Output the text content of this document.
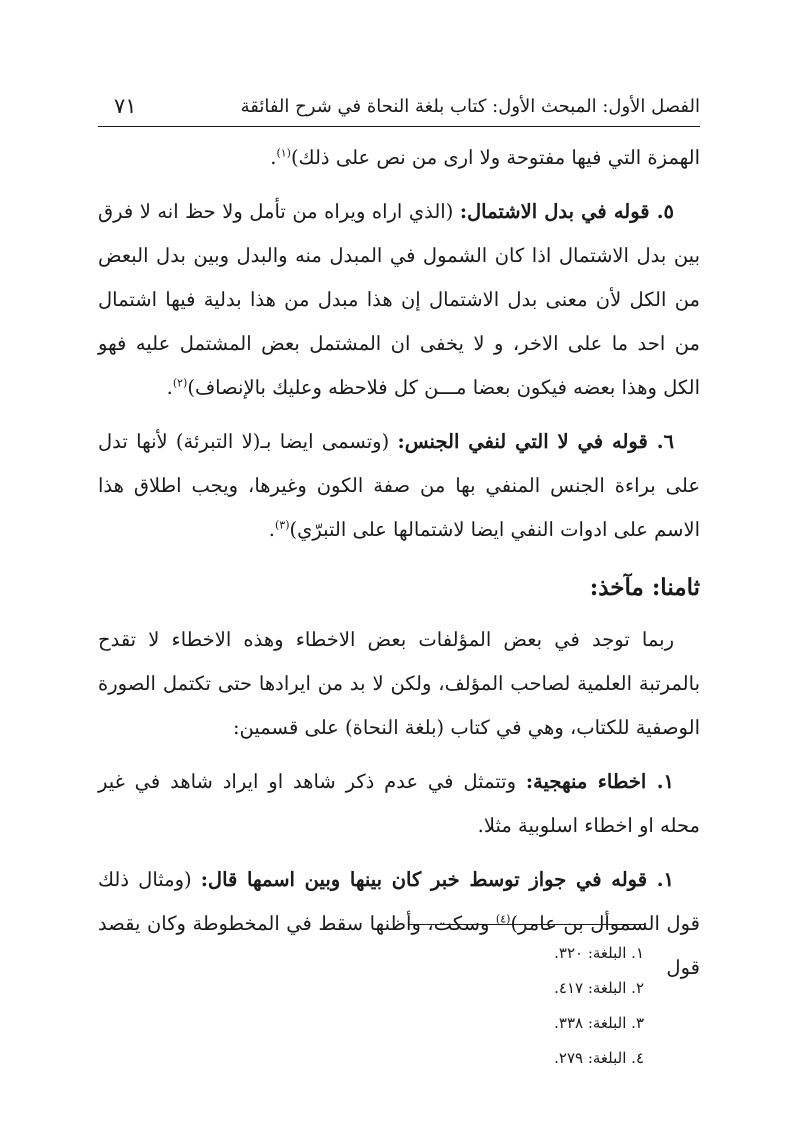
الفصل الأول: المبحث الأول: كتاب بلغة النحاة في شرح الفائقة
٧١

الهمزة التي فيها مفتوحة ولا ارى من نص على ذلك)$^{(١)}$.

٥. قوله في بدل الاشتمال: (الذي اراه ويراه من تأمل ولا حظ انه لا فرق بين بدل الاشتمال اذا كان الشمول في المبدل منه والبدل وبين بدل البعض من الكل لأن معنى بدل الاشتمال إن هذا مبدل من هذا بدلية فيها اشتمال من احد ما على الاخر، و لا يخفى ان المشتمل بعض المشتمل عليه فهو الكل وهذا بعضه فيكون بعضا مـــن كل فلاحظه وعليك بالإنصاف)$^{(٢)}$.

٦. قوله في لا التي لنفي الجنس: (وتسمى ايضا بـ(لا التبرئة) لأنها تدل على براءة الجنس المنفي بها من صفة الكون وغيرها، ويجب اطلاق هذا الاسم على ادوات النفي ايضا لاشتمالها على التبرّي)$^{(٣)}$.

ثامنا: مآخذ:

ربما توجد في بعض المؤلفات بعض الاخطاء وهذه الاخطاء لا تقدح بالمرتبة العلمية لصاحب المؤلف، ولكن لا بد من ايرادها حتى تكتمل الصورة الوصفية للكتاب، وهي في كتاب (بلغة النحاة) على قسمين:

١. اخطاء منهجية: وتتمثل في عدم ذكر شاهد او ايراد شاهد في غير محله او اخطاء اسلوبية مثلا.

١. قوله في جواز توسط خبر كان بينها وبين اسمها قال: (ومثال ذلك قول السموأل بن عامر)$^{(٤)}$ وسكت، وأظنها سقط في المخطوطة وكان يقصد قول

١. البلغة: ٣٢٠.
٢. البلغة: ٤١٧.
٣. البلغة: ٣٣٨.
٤. البلغة: ٢٧٩.
